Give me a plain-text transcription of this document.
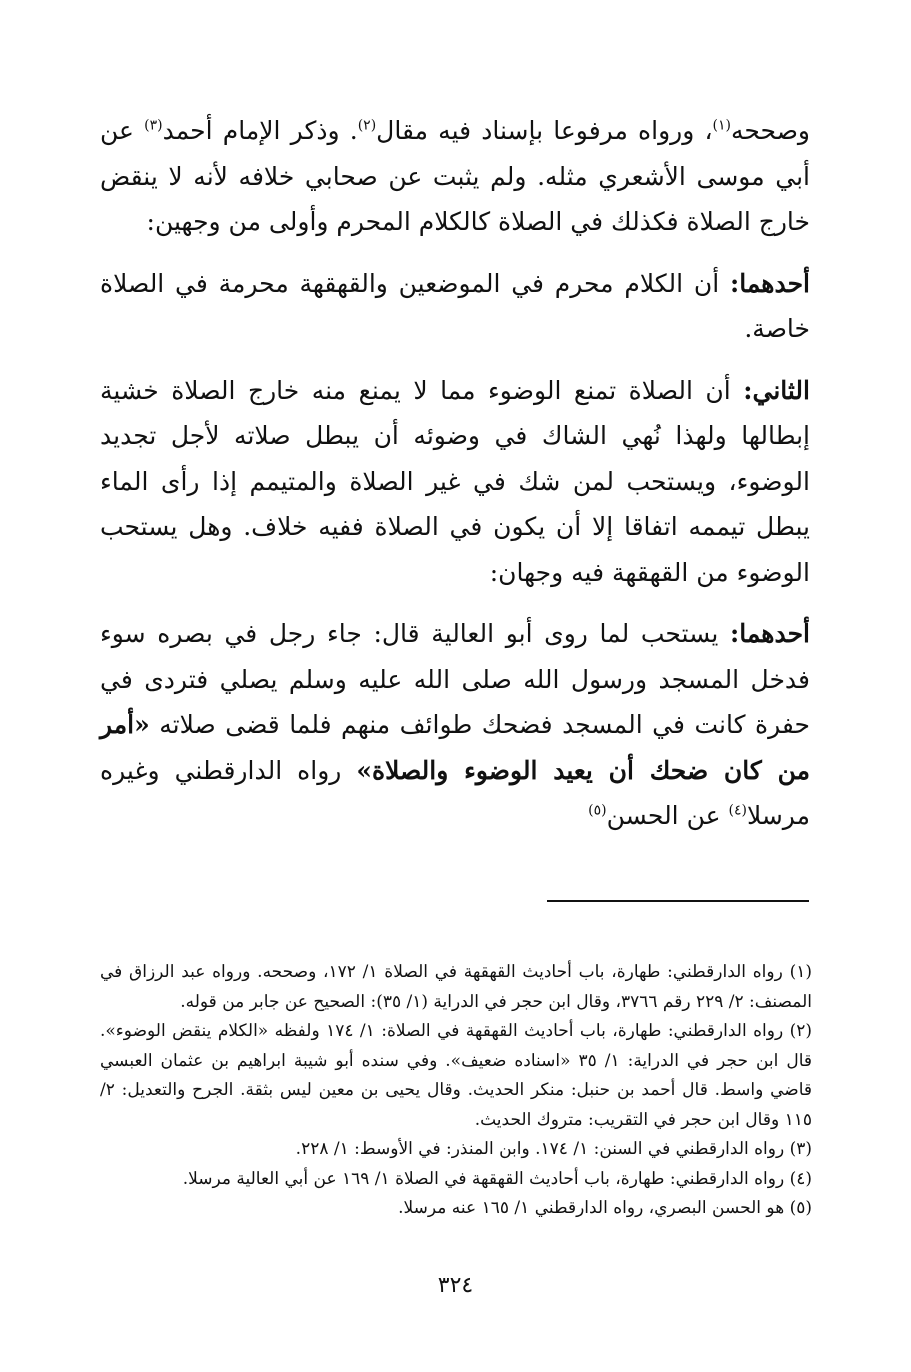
وصححه$^{(١)}$، ورواه مرفوعا بإسناد فيه مقال$^{(٢)}$. وذكر الإمام أحمد$^{(٣)}$ عن أبي موسى الأشعري مثله. ولم يثبت عن صحابي خلافه لأنه لا ينقض خارج الصلاة فكذلك في الصلاة كالكلام المحرم وأولى من وجهين:

أحدهما: أن الكلام محرم في الموضعين والقهقهة محرمة في الصلاة خاصة.

الثاني: أن الصلاة تمنع الوضوء مما لا يمنع منه خارج الصلاة خشية إبطالها ولهذا نُهي الشاك في وضوئه أن يبطل صلاته لأجل تجديد الوضوء، ويستحب لمن شك في غير الصلاة والمتيمم إذا رأى الماء يبطل تيممه اتفاقا إلا أن يكون في الصلاة ففيه خلاف. وهل يستحب الوضوء من القهقهة فيه وجهان:

أحدهما: يستحب لما روى أبو العالية قال: جاء رجل في بصره سوء فدخل المسجد ورسول الله صلى الله عليه وسلم يصلي فتردى في حفرة كانت في المسجد فضحك طوائف منهم فلما قضى صلاته «أمر من كان ضحك أن يعيد الوضوء والصلاة» رواه الدارقطني وغيره مرسلا$^{(٤)}$ عن الحسن$^{(٥)}$

(١) رواه الدارقطني: طهارة، باب أحاديث القهقهة في الصلاة ١/ ١٧٢، وصححه. ورواه عبد الرزاق في المصنف: ٢/ ٢٢٩ رقم ٣٧٦٦، وقال ابن حجر في الدراية (١/ ٣٥): الصحيح عن جابر من قوله.

(٢) رواه الدارقطني: طهارة، باب أحاديث القهقهة في الصلاة: ١/ ١٧٤ ولفظه «الكلام ينقض الوضوء». قال ابن حجر في الدراية: ١/ ٣٥ «اسناده ضعيف». وفي سنده أبو شيبة ابراهيم بن عثمان العبسي قاضي واسط. قال أحمد بن حنبل: منكر الحديث. وقال يحيى بن معين ليس بثقة. الجرح والتعديل: ٢/ ١١٥ وقال ابن حجر في التقريب: متروك الحديث.

(٣) رواه الدارقطني في السنن: ١/ ١٧٤. وابن المنذر: في الأوسط: ١/ ٢٢٨.

(٤) رواه الدارقطني: طهارة، باب أحاديث القهقهة في الصلاة ١/ ١٦٩ عن أبي العالية مرسلا.

(٥) هو الحسن البصري، رواه الدارقطني ١/ ١٦٥ عنه مرسلا.

٣٢٤
